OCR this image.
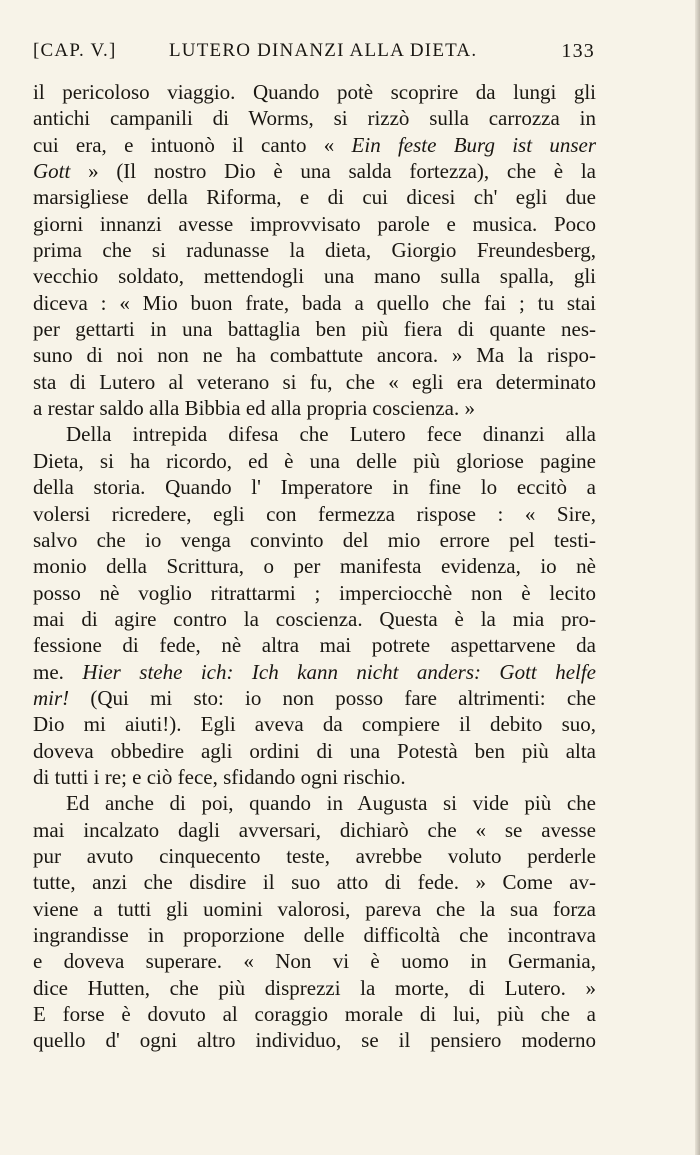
[CAP. V.]	LUTERO DINANZI ALLA DIETA.	133
il pericoloso viaggio. Quando potè scoprire da lungi gli
antichi campanili di Worms, si rizzò sulla carrozza in
cui era, e intuonò il canto « Ein feste Burg ist unser
Gott » (Il nostro Dio è una salda fortezza), che è la
marsigliese della Riforma, e di cui dicesi ch' egli due
giorni innanzi avesse improvvisato parole e musica. Poco
prima che si radunasse la dieta, Giorgio Freundesberg,
vecchio soldato, mettendogli una mano sulla spalla, gli
diceva : « Mio buon frate, bada a quello che fai ; tu stai
per gettarti in una battaglia ben più fiera di quante nes-
suno di noi non ne ha combattute ancora. » Ma la rispo-
sta di Lutero al veterano si fu, che « egli era determinato
a restar saldo alla Bibbia ed alla propria coscienza. »
Della intrepida difesa che Lutero fece dinanzi alla
Dieta, si ha ricordo, ed è una delle più gloriose pagine
della storia. Quando l' Imperatore in fine lo eccitò a
volersi ricredere, egli con fermezza rispose : « Sire,
salvo che io venga convinto del mio errore pel testi-
monio della Scrittura, o per manifesta evidenza, io nè
posso nè voglio ritrattarmi ; imperciocchè non è lecito
mai di agire contro la coscienza. Questa è la mia pro-
fessione di fede, nè altra mai potrete aspettarvene da
me. Hier stehe ich: Ich kann nicht anders: Gott helfe
mir! (Qui mi sto: io non posso fare altrimenti: che
Dio mi aiuti!). Egli aveva da compiere il debito suo,
doveva obbedire agli ordini di una Potestà ben più alta
di tutti i re; e ciò fece, sfidando ogni rischio.
Ed anche di poi, quando in Augusta si vide più che
mai incalzato dagli avversari, dichiarò che « se avesse
pur avuto cinquecento teste, avrebbe voluto perderle
tutte, anzi che disdire il suo atto di fede. » Come av-
viene a tutti gli uomini valorosi, pareva che la sua forza
ingrandisse in proporzione delle difficoltà che incontrava
e doveva superare. « Non vi è uomo in Germania,
dice Hutten, che più disprezzi la morte, di Lutero. »
E forse è dovuto al coraggio morale di lui, più che a
quello d' ogni altro individuo, se il pensiero moderno
